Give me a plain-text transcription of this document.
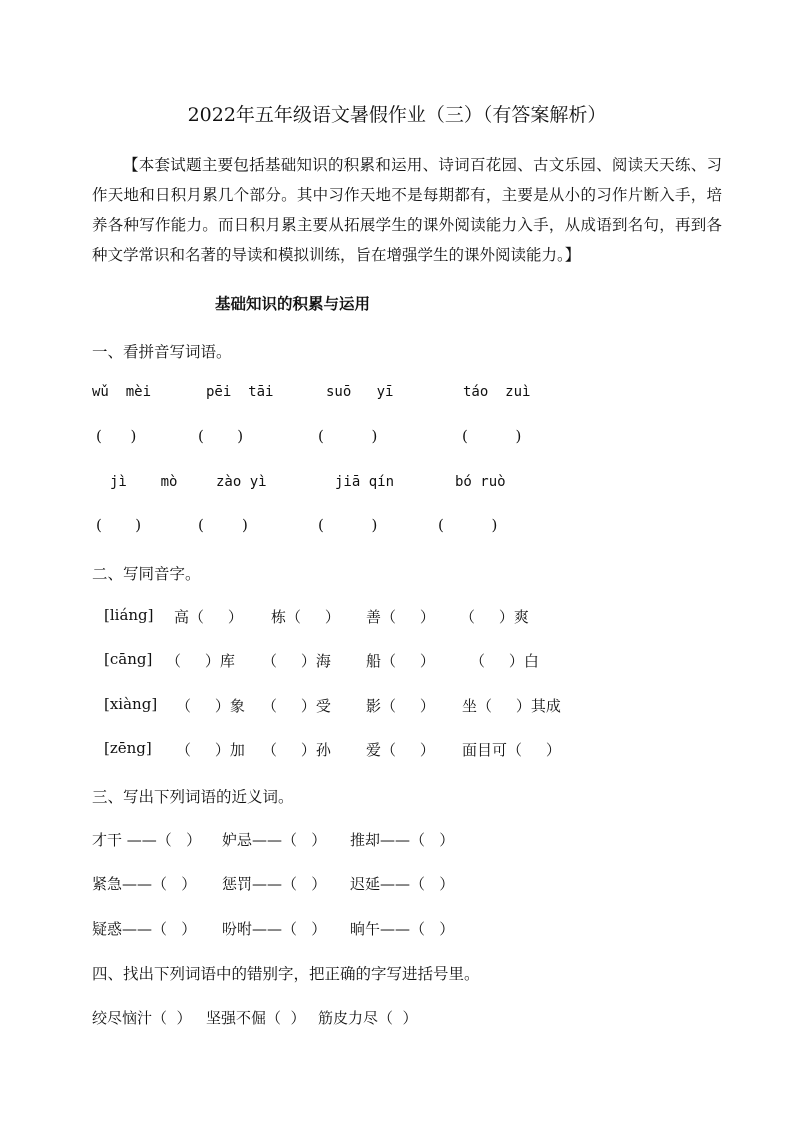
2022年五年级语文暑假作业（三）（有答案解析）
【本套试题主要包括基础知识的积累和运用、诗词百花园、古文乐园、阅读天天练、习作天地和日积月累几个部分。其中习作天地不是每期都有，主要是从小的习作片断入手，培养各种写作能力。而日积月累主要从拓展学生的课外阅读能力入手，从成语到名句，再到各种文学常识和名著的导读和模拟训练，旨在增强学生的课外阅读能力。】
基础知识的积累与运用
一、看拼音写词语。
wǔ  mèi	pēi  tāi	suō   yī	táo  zuì
(      )	(       )	(          )	(          )
jì    mò	zào yì	jiā qín	bó ruò
(       )	(        )	(          )	(          )
二、写同音字。
[liáng] 高（     ） 栋（     ） 善（     ） （     ）爽
[cāng] （     ）库 （     ）海 船（     ） （     ）白
[xiàng] （     ）象 （     ）受 影（     ） 坐（     ）其成
[zēng] （     ）加 （     ）孙 爱（     ） 面目可（     ）
三、写出下列词语的近义词。
才干 ——（   ） 妒忌——（   ） 推却——（   ）
紧急——（   ） 惩罚——（   ） 迟延——（   ）
疑惑——（   ） 吩咐——（   ） 晌午——（   ）
四、找出下列词语中的错别字，把正确的字写进括号里。
绞尽恼汁（  ） 坚强不倔（  ） 筋皮力尽（  ）
